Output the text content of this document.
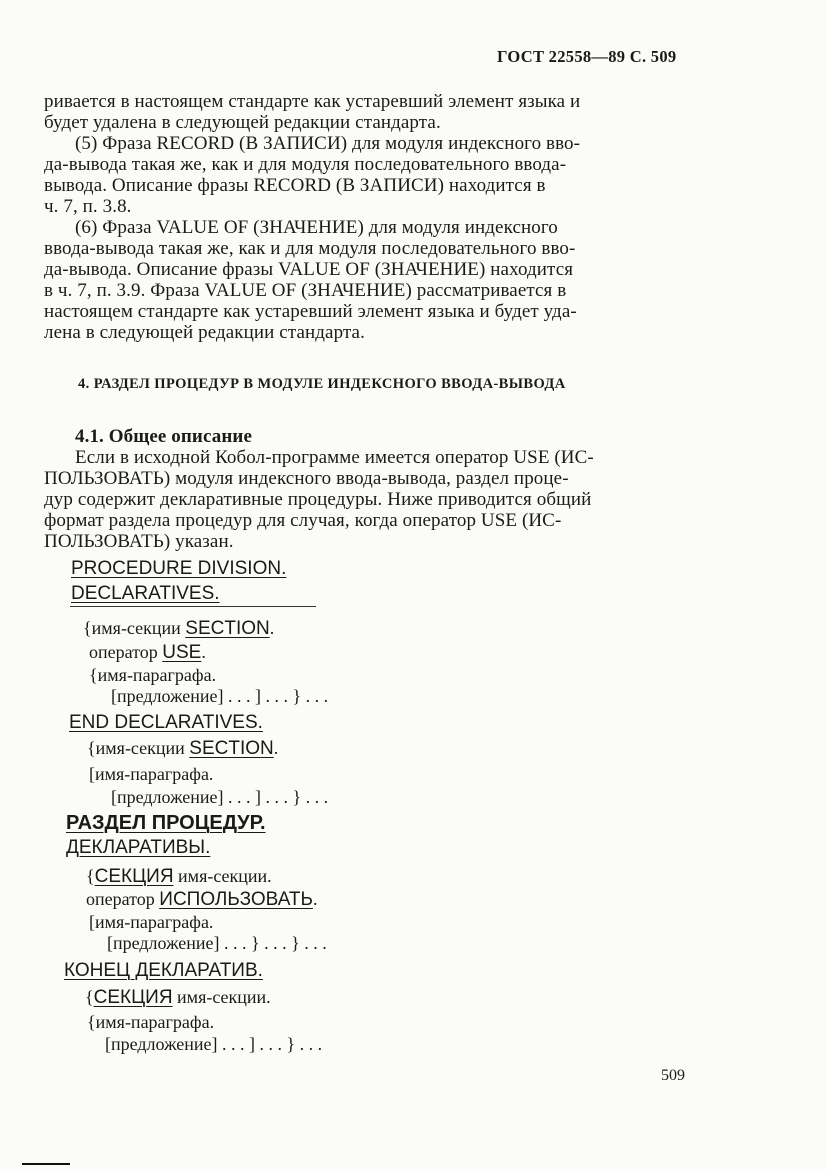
ГОСТ 22558—89 С. 509
ривается в настоящем стандарте как устаревший элемент языка и
будет удалена в следующей редакции стандарта.
(5) Фраза RECORD (В ЗАПИСИ) для модуля индексного вво-
да-вывода такая же, как и для модуля последовательного ввода-
вывода. Описание фразы RECORD (В ЗАПИСИ) находится в
ч. 7, п. 3.8.
(6) Фраза VALUE OF (ЗНАЧЕНИЕ) для модуля индексного
ввода-вывода такая же, как и для модуля последовательного вво-
да-вывода. Описание фразы VALUE OF (ЗНАЧЕНИЕ) находится
в ч. 7, п. 3.9. Фраза VALUE OF (ЗНАЧЕНИЕ) рассматривается в
настоящем стандарте как устаревший элемент языка и будет уда-
лена в следующей редакции стандарта.
4. РАЗДЕЛ ПРОЦЕДУР В МОДУЛЕ ИНДЕКСНОГО ВВОДА-ВЫВОДА
4.1. Общее описание
Если в исходной Кобол-программе имеется оператор USE (ИС-
ПОЛЬЗОВАТЬ) модуля индексного ввода-вывода, раздел проце-
дур содержит декларативные процедуры. Ниже приводится общий
формат раздела процедур для случая, когда оператор USE (ИС-
ПОЛЬЗОВАТЬ) указан.
PROCEDURE DIVISION.
DECLARATIVES.
{имя-секции SECTION.
оператор USE.
{имя-параграфа.
[предложение] . . . ] . . . } . . .
END DECLARATIVES.
{имя-секции SECTION.
[имя-параграфа.
[предложение] . . . ] . . . } . . .
РАЗДЕЛ ПРОЦЕДУР.
ДЕКЛАРАТИВЫ.
{СЕКЦИЯ имя-секции.
оператор ИСПОЛЬЗОВАТЬ.
[имя-параграфа.
[предложение] . . . } . . . } . . .
КОНЕЦ ДЕКЛАРАТИВ.
{СЕКЦИЯ имя-секции.
{имя-параграфа.
[предложение] . . . ] . . . } . . .
509
